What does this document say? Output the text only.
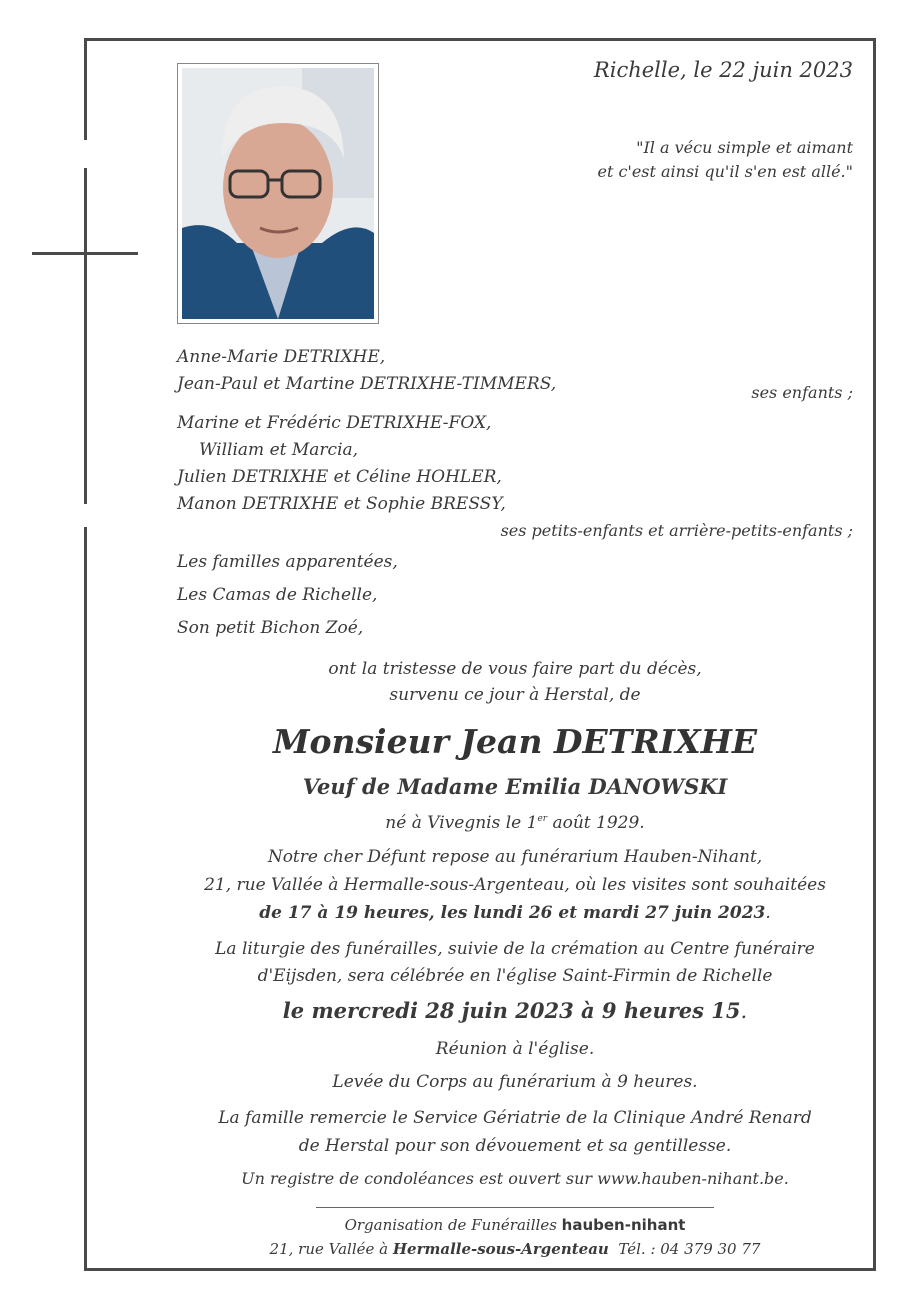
Richelle, le 22 juin 2023
"Il a vécu simple et aimant
et c'est ainsi qu'il s'en est allé."
Anne-Marie DETRIXHE,
Jean-Paul et Martine DETRIXHE-TIMMERS,	ses enfants ;
Marine et Frédéric DETRIXHE-FOX,
William et Marcia,
Julien DETRIXHE et Céline HOHLER,
Manon DETRIXHE et Sophie BRESSY,
ses petits-enfants et arrière-petits-enfants ;
Les familles apparentées,
Les Camas de Richelle,
Son petit Bichon Zoé,
ont la tristesse de vous faire part du décès,
survenu ce jour à Herstal, de
Monsieur Jean DETRIXHE
Veuf de Madame Emilia DANOWSKI
né à Vivegnis le 1er août 1929.
Notre cher Défunt repose au funérarium Hauben-Nihant,
21, rue Vallée à Hermalle-sous-Argenteau, où les visites sont souhaitées
de 17 à 19 heures, les lundi 26 et mardi 27 juin 2023.
La liturgie des funérailles, suivie de la crémation au Centre funéraire
d'Eijsden, sera célébrée en l'église Saint-Firmin de Richelle
le mercredi 28 juin 2023 à 9 heures 15.
Réunion à l'église.
Levée du Corps au funérarium à 9 heures.
La famille remercie le Service Gériatrie de la Clinique André Renard
de Herstal pour son dévouement et sa gentillesse.
Un registre de condoléances est ouvert sur www.hauben-nihant.be.
Organisation de Funérailles hauben-nihant
21, rue Vallée à Hermalle-sous-Argenteau Tél. : 04 379 30 77
